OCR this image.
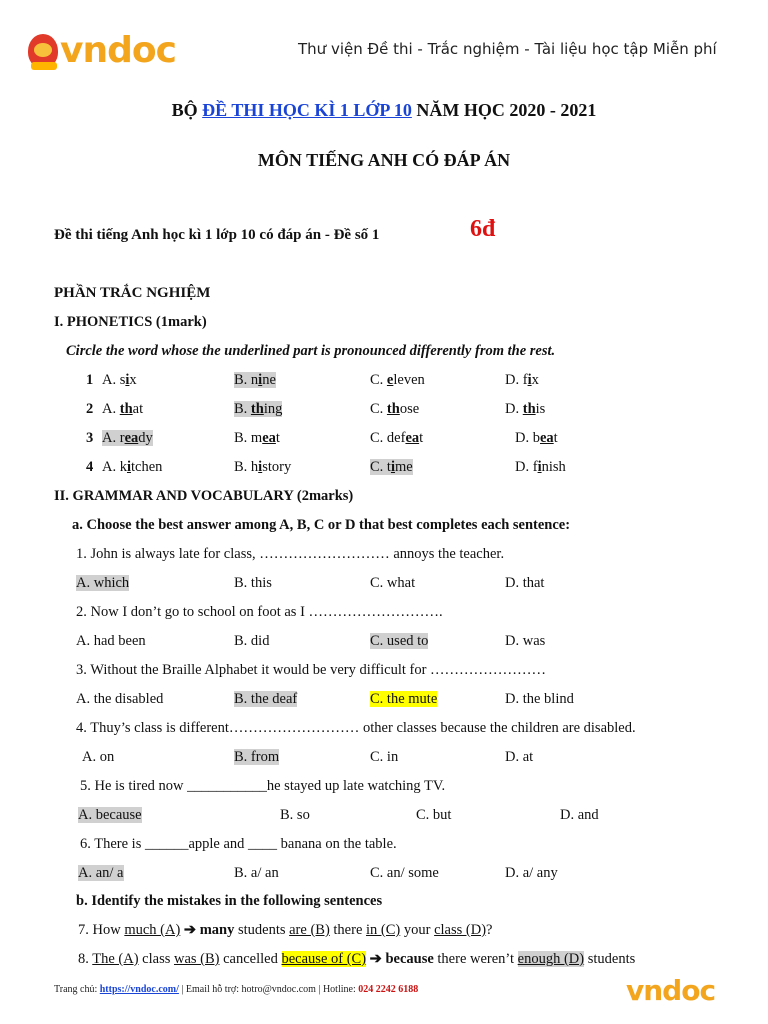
vndoc	Thư viện Đề thi - Trắc nghiệm - Tài liệu học tập Miễn phí
BỘ ĐỀ THI HỌC KÌ 1 LỚP 10 NĂM HỌC 2020 - 2021
MÔN TIẾNG ANH CÓ ĐÁP ÁN
Đề thi tiếng Anh học kì 1 lớp 10 có đáp án - Đề số 1	6đ
PHẦN TRẮC NGHIỆM
I. PHONETICS (1mark)
Circle the word whose the underlined part is pronounced differently from the rest.
1 A. six	B. nine	C. eleven	D. fix
2 A. that	B. thing	C. those	D. this
3 A. ready	B. meat	C. defeat	D. beat
4 A. kitchen	B. history	C. time	D. finish
II. GRAMMAR AND VOCABULARY (2marks)
a. Choose the best answer among A, B, C or D that best completes each sentence:
1. John is always late for class, ……………………… annoys the teacher.
A. which	B. this	C. what	D. that
2. Now I don’t go to school on foot as I ……………………….
A. had been	B. did	C. used to	D. was
3. Without the Braille Alphabet it would be very difficult for ……………………
A. the disabled	B. the deaf	C. the mute	D. the blind
4. Thuy’s class is different……………………… other classes because the children are disabled.
A. on	B. from	C. in	D. at
5. He is tired now ___________he stayed up late watching TV.
A. because	B. so	C. but	D. and
6. There is ______apple and ____ banana on the table.
A. an/ a	B. a/ an	C. an/ some	D. a/ any
b. Identify the mistakes in the following sentences
7. How much (A) ➔ many students are (B) there in (C) your class (D)?
8. The (A) class was (B) cancelled because of (C) ➔ because there weren’t enough (D) students
Trang chủ: https://vndoc.com/ | Email hỗ trợ: hotro@vndoc.com | Hotline: 024 2242 6188	vndoc
